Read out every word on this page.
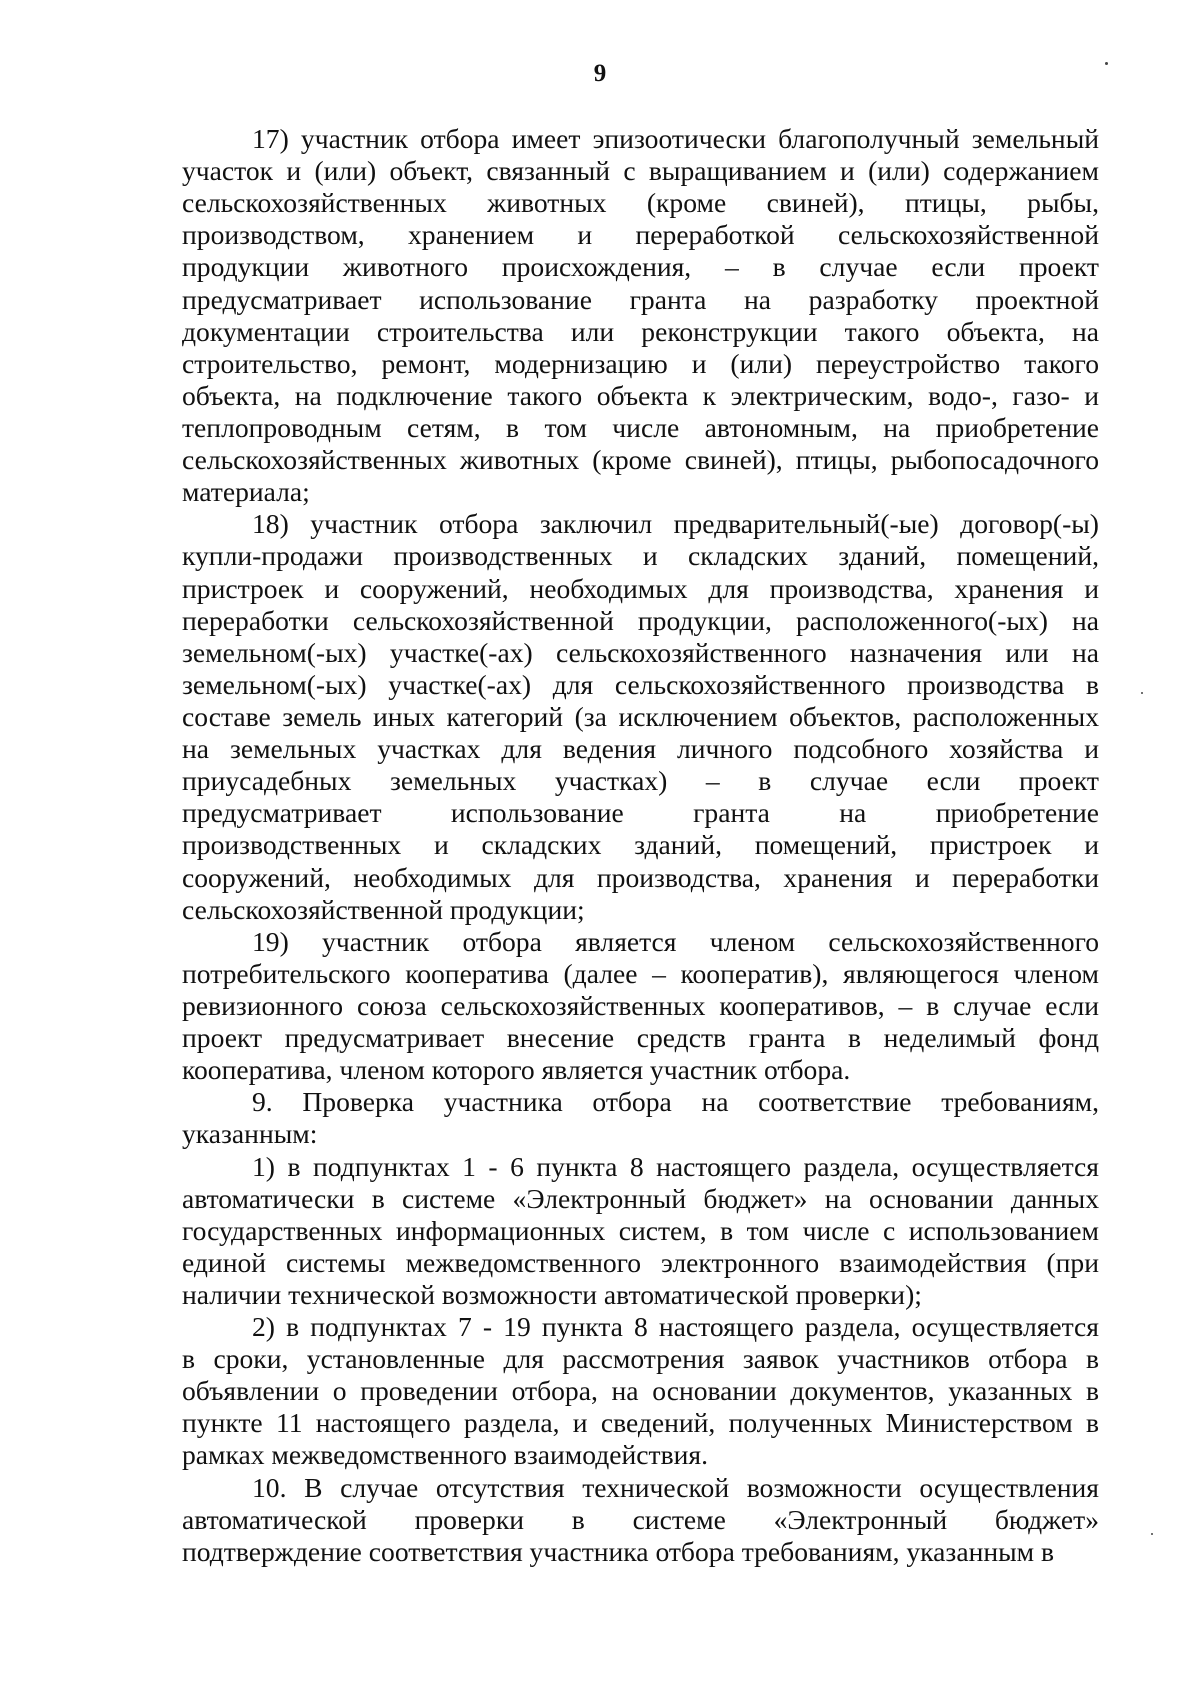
9
17) участник отбора имеет эпизоотически благополучный земельный
участок и (или) объект, связанный с выращиванием и (или) содержанием
сельскохозяйственных животных (кроме свиней), птицы, рыбы,
производством, хранением и переработкой сельскохозяйственной
продукции животного происхождения, – в случае если проект
предусматривает использование гранта на разработку проектной
документации строительства или реконструкции такого объекта, на
строительство, ремонт, модернизацию и (или) переустройство такого
объекта, на подключение такого объекта к электрическим, водо-, газо- и
теплопроводным сетям, в том числе автономным, на приобретение
сельскохозяйственных животных (кроме свиней), птицы, рыбопосадочного
материала;
18) участник отбора заключил предварительный(-ые) договор(-ы)
купли-продажи производственных и складских зданий, помещений,
пристроек и сооружений, необходимых для производства, хранения и
переработки сельскохозяйственной продукции, расположенного(-ых) на
земельном(-ых) участке(-ах) сельскохозяйственного назначения или на
земельном(-ых) участке(-ах) для сельскохозяйственного производства в
составе земель иных категорий (за исключением объектов, расположенных
на земельных участках для ведения личного подсобного хозяйства и
приусадебных земельных участках) – в случае если проект
предусматривает использование гранта на приобретение
производственных и складских зданий, помещений, пристроек и
сооружений, необходимых для производства, хранения и переработки
сельскохозяйственной продукции;
19) участник отбора является членом сельскохозяйственного
потребительского кооператива (далее – кооператив), являющегося членом
ревизионного союза сельскохозяйственных кооперативов, – в случае если
проект предусматривает внесение средств гранта в неделимый фонд
кооператива, членом которого является участник отбора.
9. Проверка участника отбора на соответствие требованиям,
указанным:
1) в подпунктах 1 - 6 пункта 8 настоящего раздела, осуществляется
автоматически в системе «Электронный бюджет» на основании данных
государственных информационных систем, в том числе с использованием
единой системы межведомственного электронного взаимодействия (при
наличии технической возможности автоматической проверки);
2) в подпунктах 7 - 19 пункта 8 настоящего раздела, осуществляется
в сроки, установленные для рассмотрения заявок участников отбора в
объявлении о проведении отбора, на основании документов, указанных в
пункте 11 настоящего раздела, и сведений, полученных Министерством в
рамках межведомственного взаимодействия.
10. В случае отсутствия технической возможности осуществления
автоматической проверки в системе «Электронный бюджет»
подтверждение соответствия участника отбора требованиям, указанным в
